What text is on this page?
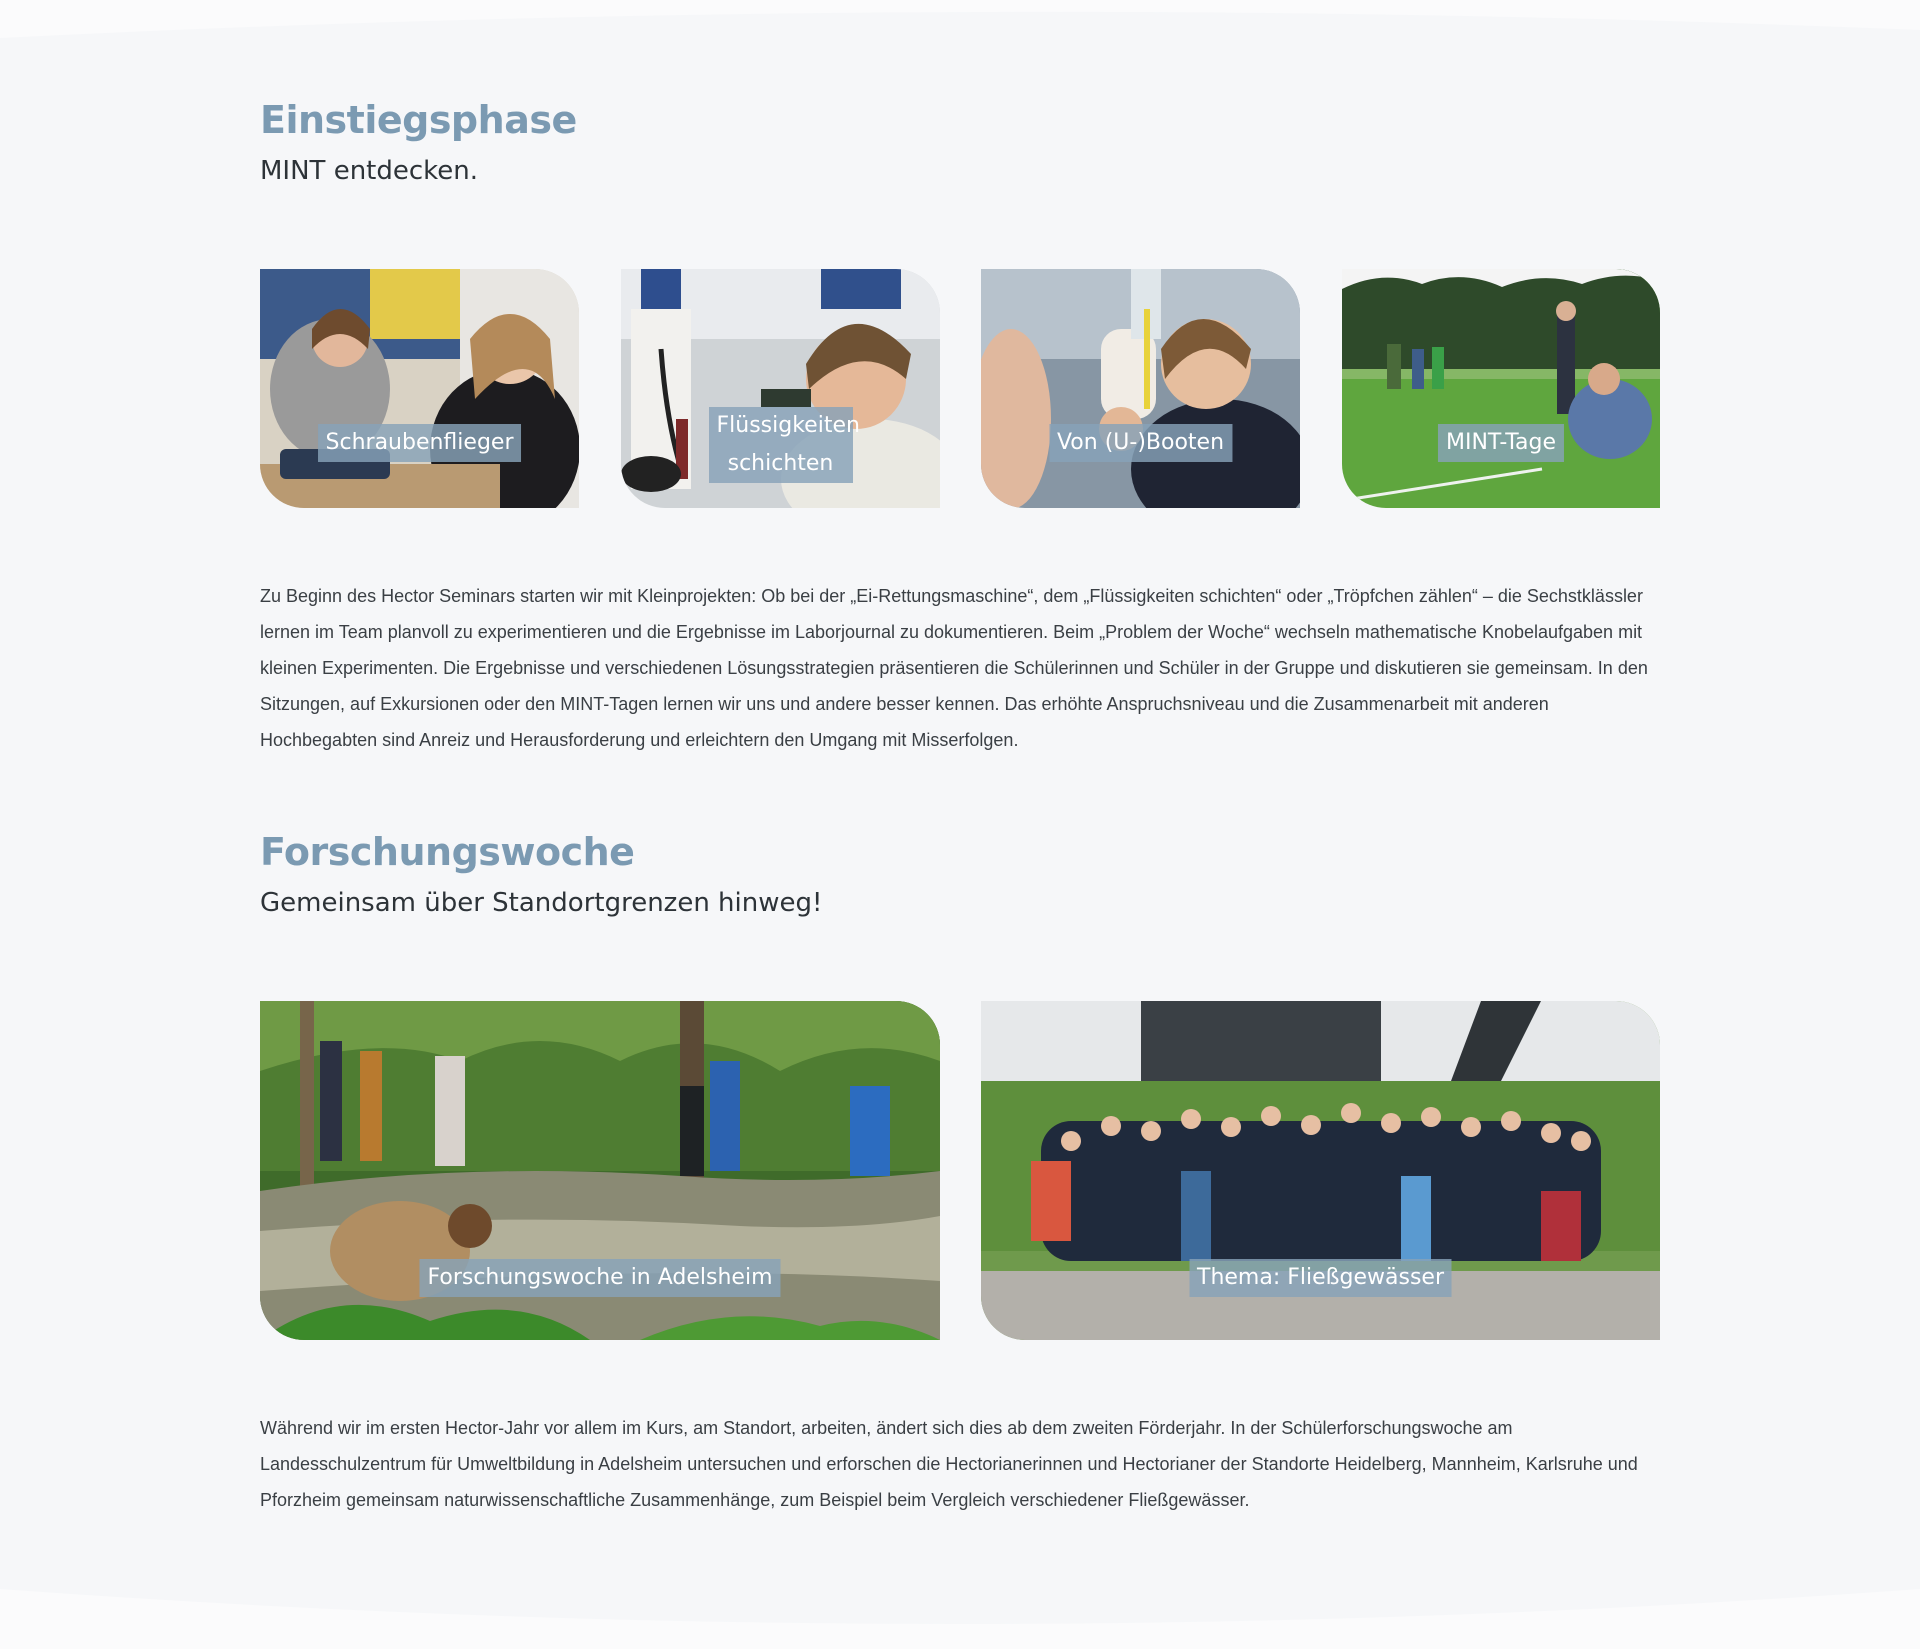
Einstiegsphase

MINT entdecken.

Schraubenflieger
Flüssigkeiten schichten
Von (U-)Booten	MINT-Tage

Zu Beginn des Hector Seminars starten wir mit Kleinprojekten: Ob bei der „Ei-Rettungsmaschine“, dem „Flüssigkeiten schichten“ oder „Tröpfchen zählen“ – die Sechstklässler lernen im Team planvoll zu experimentieren und die Ergebnisse im Laborjournal zu dokumentieren. Beim „Problem der Woche“ wechseln mathematische Knobelaufgaben mit kleinen Experimenten. Die Ergebnisse und verschiedenen Lösungsstrategien präsentieren die Schülerinnen und Schüler in der Gruppe und diskutieren sie gemeinsam. In den Sitzungen, auf Exkursionen oder den MINT-Tagen lernen wir uns und andere besser kennen. Das erhöhte Anspruchsniveau und die Zusammenarbeit mit anderen Hochbegabten sind Anreiz und Herausforderung und erleichtern den Umgang mit Misserfolgen.

Forschungswoche

Gemeinsam über Standortgrenzen hinweg!

Forschungswoche in Adelsheim	Thema: Fließgewässer

Während wir im ersten Hector-Jahr vor allem im Kurs, am Standort, arbeiten, ändert sich dies ab dem zweiten Förderjahr. In der Schülerforschungswoche am Landesschulzentrum für Umweltbildung in Adelsheim untersuchen und erforschen die Hectorianerinnen und Hectorianer der Standorte Heidelberg, Mannheim, Karlsruhe und Pforzheim gemeinsam naturwissenschaftliche Zusammenhänge, zum Beispiel beim Vergleich verschiedener Fließgewässer.
